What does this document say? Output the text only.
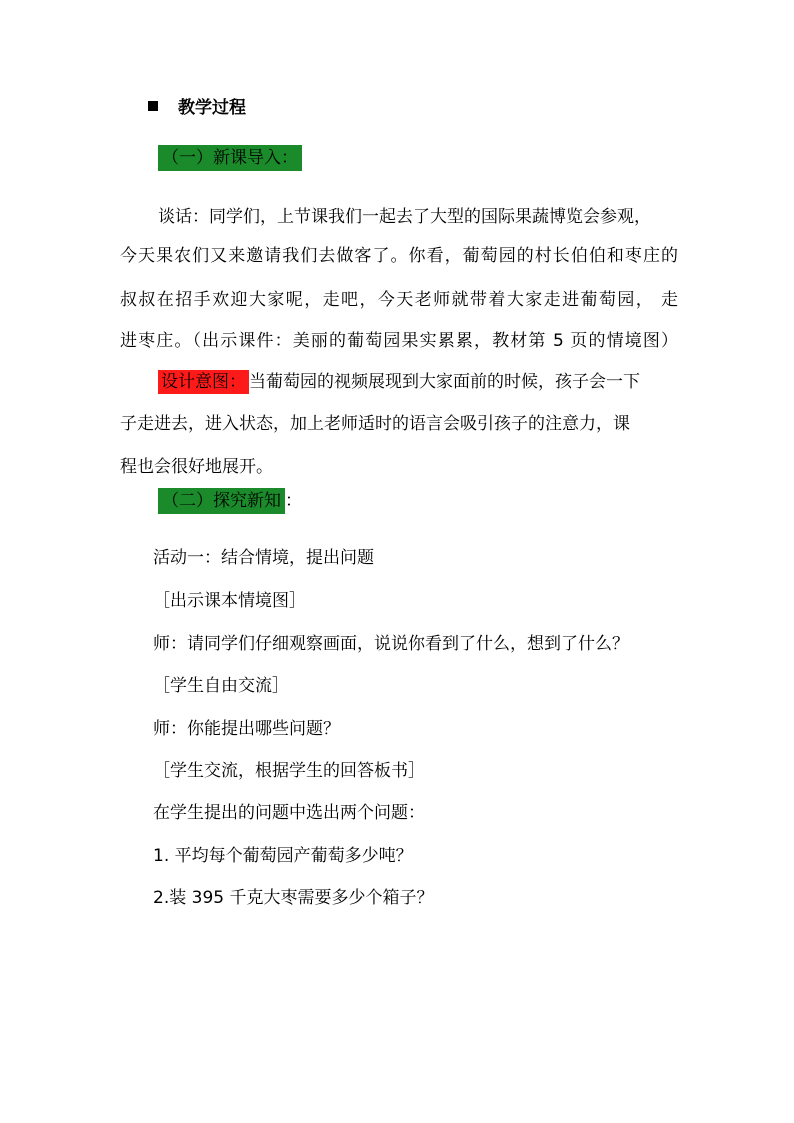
教学过程
（一）新课导入：
谈话：同学们，上节课我们一起去了大型的国际果蔬博览会参观，
今天果农们又来邀请我们去做客了。你看，葡萄园的村长伯伯和枣庄的
叔叔在招手欢迎大家呢，走吧，今天老师就带着大家走进葡萄园， 走
进枣庄。（出示课件：美丽的葡萄园果实累累，教材第 5 页的情境图）
设计意图： 当葡萄园的视频展现到大家面前的时候，孩子会一下
子走进去，进入状态，加上老师适时的语言会吸引孩子的注意力，课
程也会很好地展开。
（二）探究新知 ：
活动一：结合情境，提出问题
［出示课本情境图］
师：请同学们仔细观察画面，说说你看到了什么，想到了什么？
［学生自由交流］
师：你能提出哪些问题？
［学生交流，根据学生的回答板书］
在学生提出的问题中选出两个问题：
1. 平均每个葡萄园产葡萄多少吨？
2.装 395 千克大枣需要多少个箱子？
